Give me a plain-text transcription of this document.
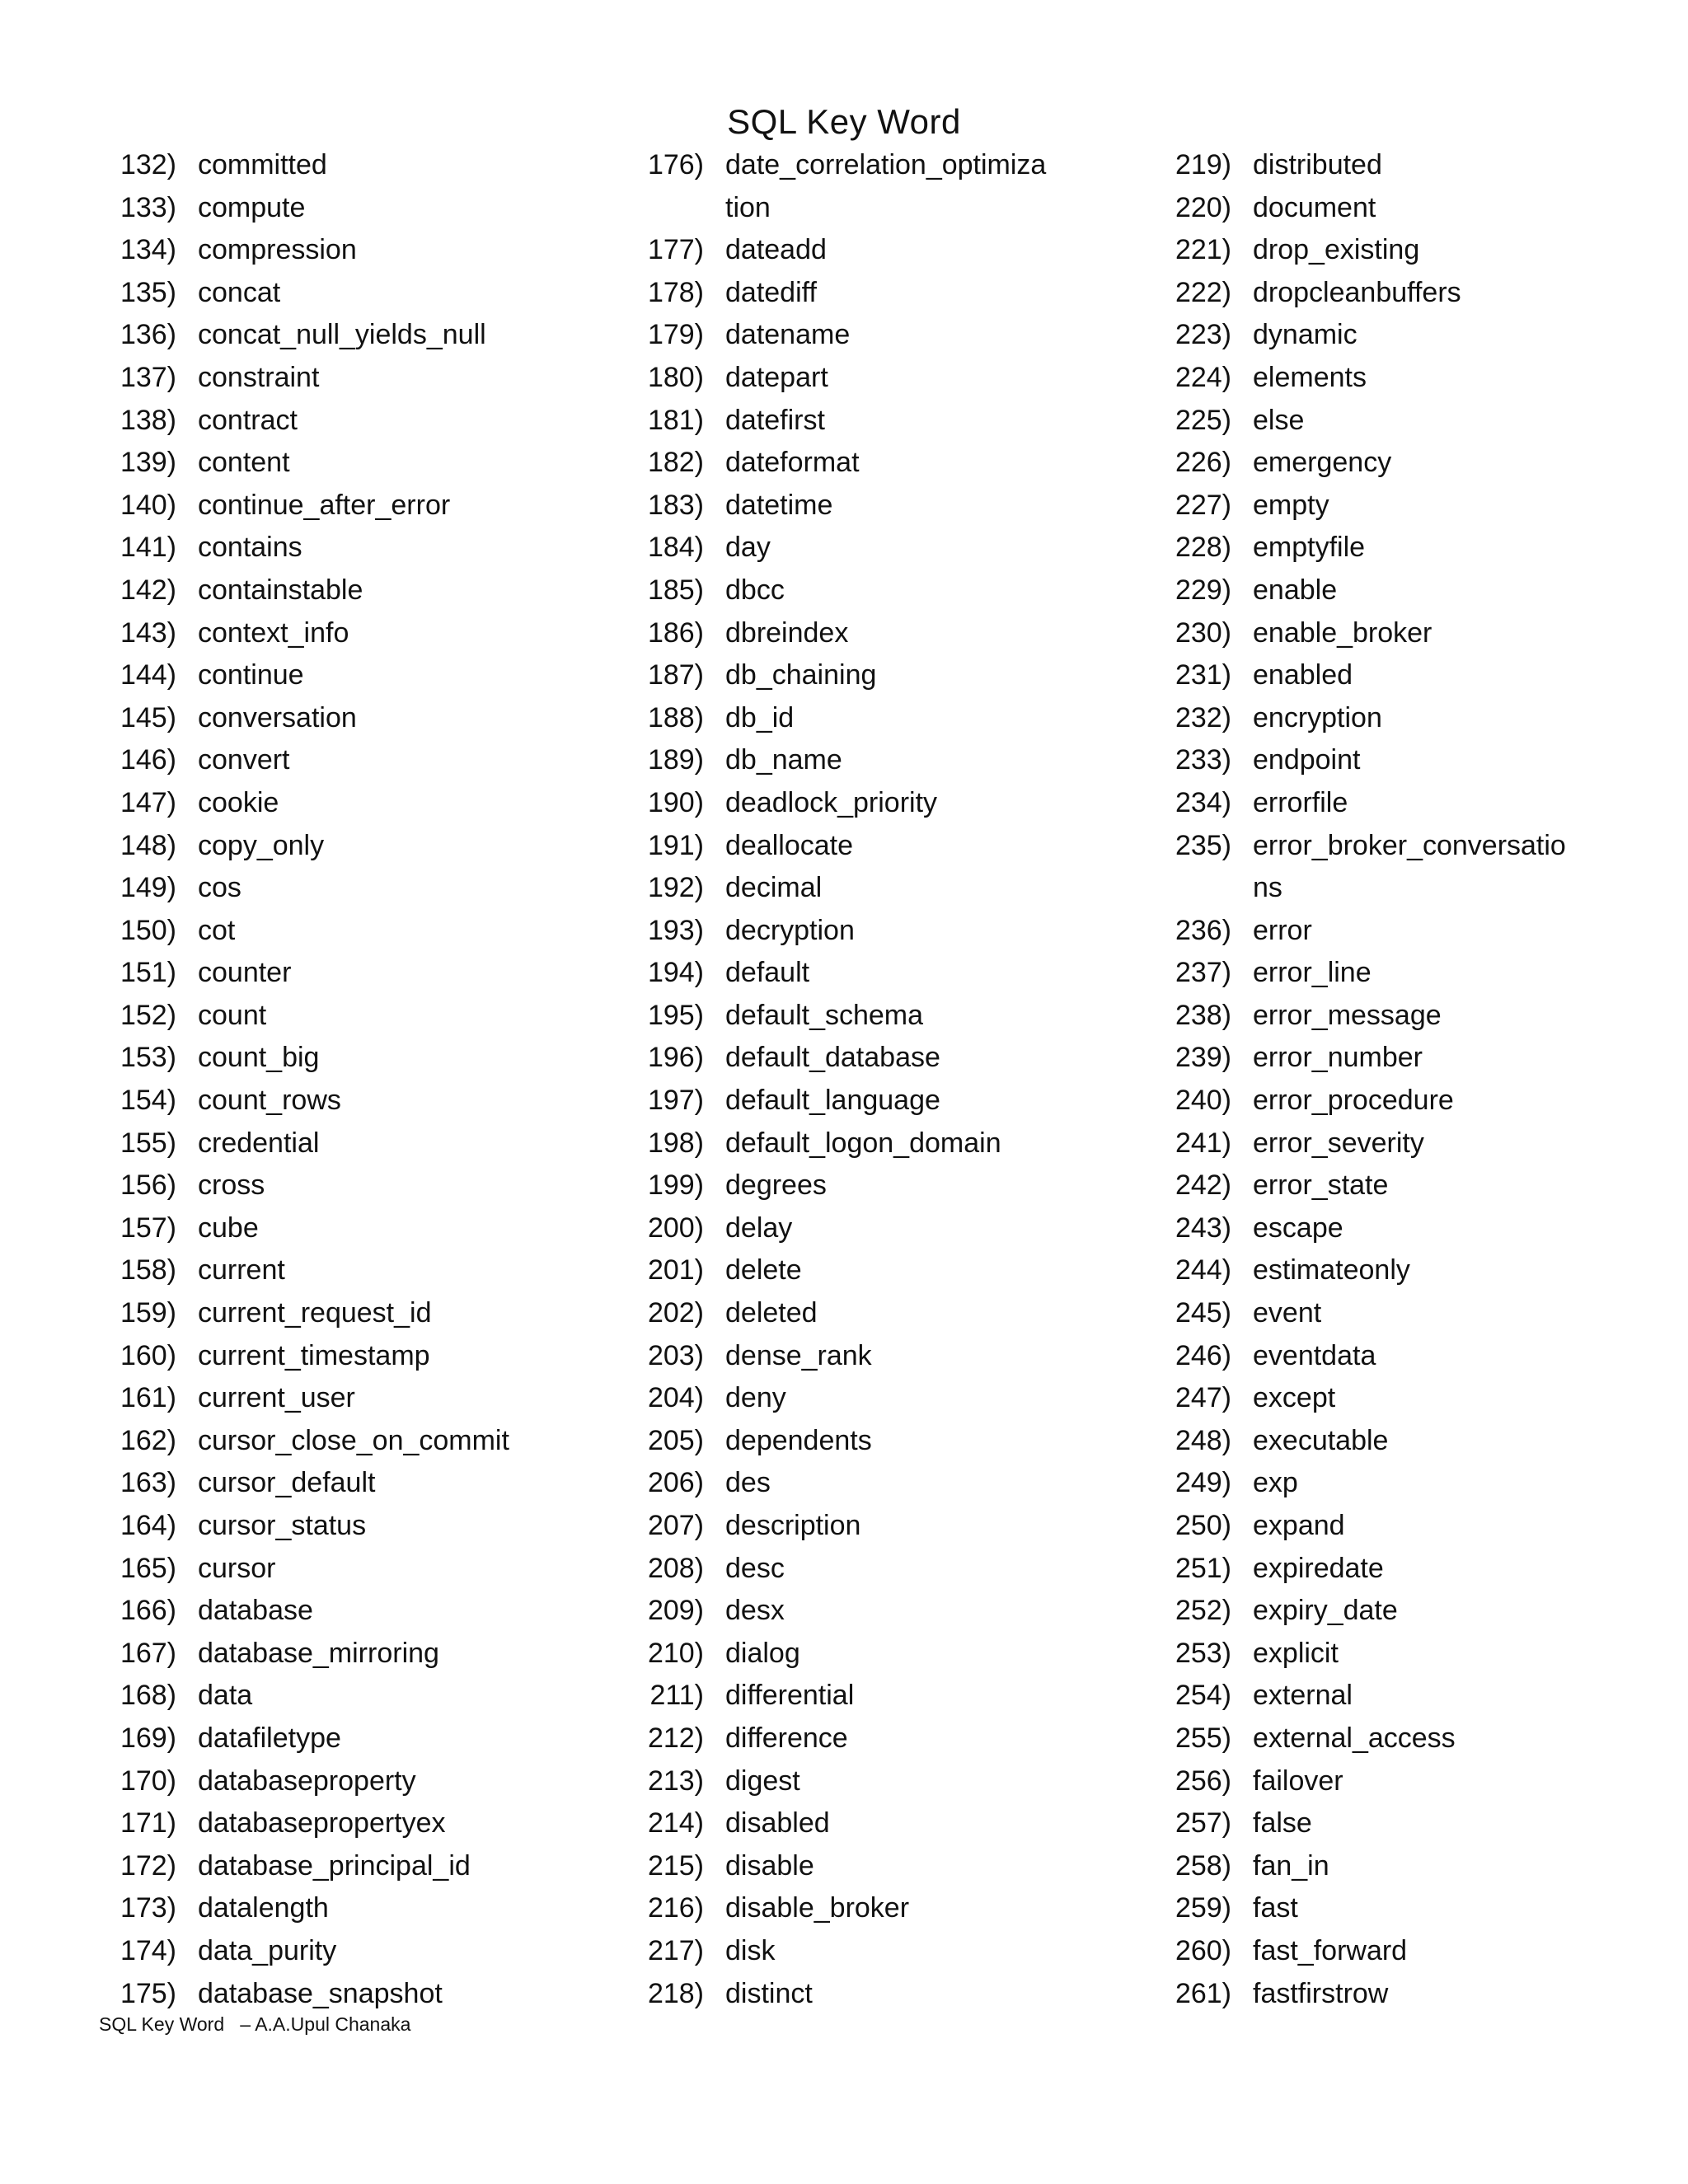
SQL Key Word
132) committed
133) compute
134) compression
135) concat
136) concat_null_yields_null
137) constraint
138) contract
139) content
140) continue_after_error
141) contains
142) containstable
143) context_info
144) continue
145) conversation
146) convert
147) cookie
148) copy_only
149) cos
150) cot
151) counter
152) count
153) count_big
154) count_rows
155) credential
156) cross
157) cube
158) current
159) current_request_id
160) current_timestamp
161) current_user
162) cursor_close_on_commit
163) cursor_default
164) cursor_status
165) cursor
166) database
167) database_mirroring
168) data
169) datafiletype
170) databaseproperty
171) databasepropertyex
172) database_principal_id
173) datalength
174) data_purity
175) database_snapshot
176) date_correlation_optimiza
tion
177) dateadd
178) datediff
179) datename
180) datepart
181) datefirst
182) dateformat
183) datetime
184) day
185) dbcc
186) dbreindex
187) db_chaining
188) db_id
189) db_name
190) deadlock_priority
191) deallocate
192) decimal
193) decryption
194) default
195) default_schema
196) default_database
197) default_language
198) default_logon_domain
199) degrees
200) delay
201) delete
202) deleted
203) dense_rank
204) deny
205) dependents
206) des
207) description
208) desc
209) desx
210) dialog
211) differential
212) difference
213) digest
214) disabled
215) disable
216) disable_broker
217) disk
218) distinct
219) distributed
220) document
221) drop_existing
222) dropcleanbuffers
223) dynamic
224) elements
225) else
226) emergency
227) empty
228) emptyfile
229) enable
230) enable_broker
231) enabled
232) encryption
233) endpoint
234) errorfile
235) error_broker_conversatio
ns
236) error
237) error_line
238) error_message
239) error_number
240) error_procedure
241) error_severity
242) error_state
243) escape
244) estimateonly
245) event
246) eventdata
247) except
248) executable
249) exp
250) expand
251) expiredate
252) expiry_date
253) explicit
254) external
255) external_access
256) failover
257) false
258) fan_in
259) fast
260) fast_forward
261) fastfirstrow
SQL Key Word   – A.A.Upul Chanaka
